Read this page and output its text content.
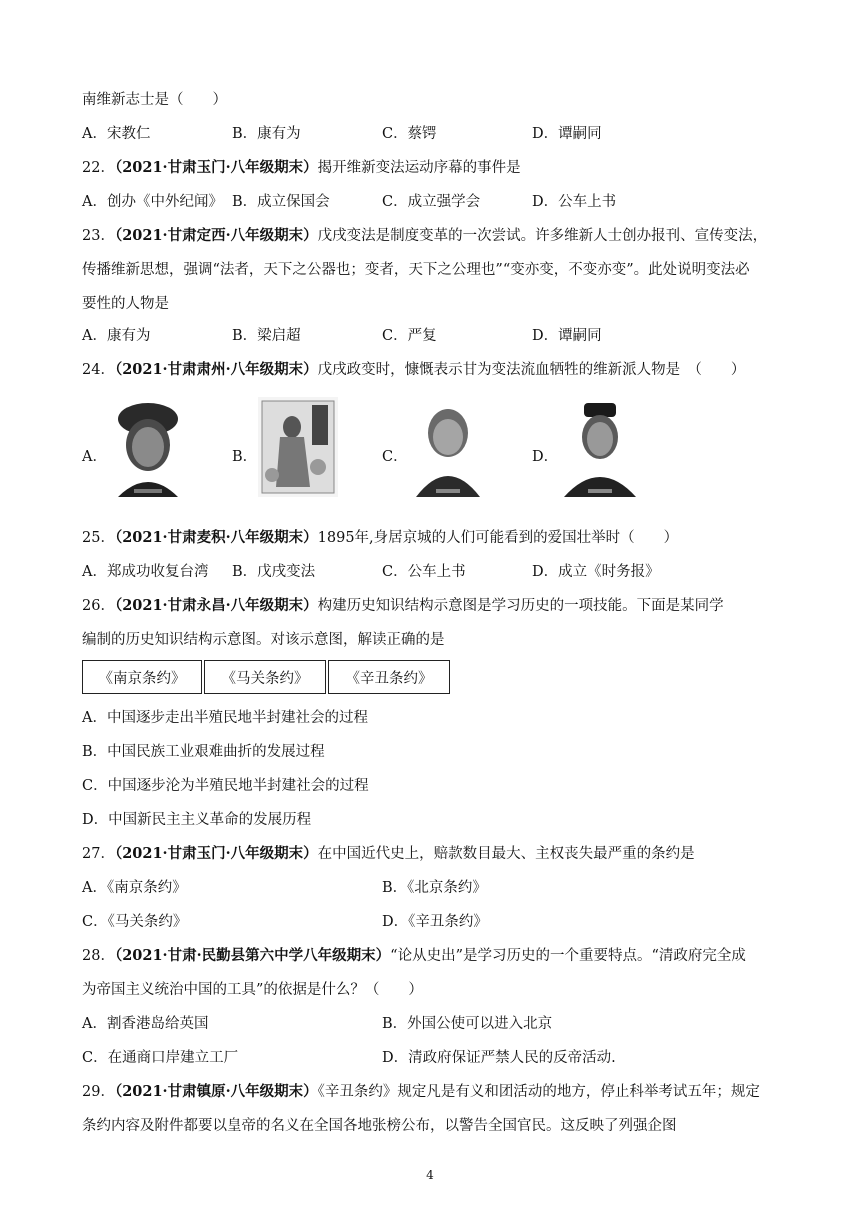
南维新志士是（　　）
A．宋教仁	B．康有为	C．蔡锷	D．谭嗣同
22．（2021·甘肃玉门·八年级期末）揭开维新变法运动序幕的事件是
A．创办《中外纪闻》 B．成立保国会	C．成立强学会	D．公车上书
23．（2021·甘肃定西·八年级期末）戊戌变法是制度变革的一次尝试。许多维新人士创办报刊、宣传变法，
传播维新思想，强调“法者，天下之公器也；变者，天下之公理也”“变亦变，不变亦变”。此处说明变法必
要性的人物是
A．康有为	B．梁启超	C．严复	D．谭嗣同
24．（2021·甘肃肃州·八年级期末）戊戌政变时，慷慨表示甘为变法流血牺牲的维新派人物是　（　　）
A．	B．	C．	D．
25．（2021·甘肃麦积·八年级期末）1895年,身居京城的人们可能看到的爱国壮举时（　　）
A．郑成功收复台湾 B．戊戌变法	C．公车上书	D．成立《时务报》
26．（2021·甘肃永昌·八年级期末）构建历史知识结构示意图是学习历史的一项技能。下面是某同学
编制的历史知识结构示意图。对该示意图，解读正确的是
《南京条约》	《马关条约》	《辛丑条约》
A．中国逐步走出半殖民地半封建社会的过程
B．中国民族工业艰难曲折的发展过程
C．中国逐步沦为半殖民地半封建社会的过程
D．中国新民主主义革命的发展历程
27．（2021·甘肃玉门·八年级期末）在中国近代史上，赔款数目最大、主权丧失最严重的条约是
A．《南京条约》	B．《北京条约》
C．《马关条约》	D．《辛丑条约》
28．（2021·甘肃·民勤县第六中学八年级期末）“论从史出”是学习历史的一个重要特点。“清政府完全成
为帝国主义统治中国的工具”的依据是什么？（　　）
A．割香港岛给英国	B．外国公使可以进入北京
C．在通商口岸建立工厂	D．清政府保证严禁人民的反帝活动.
29．（2021·甘肃镇原·八年级期末）《辛丑条约》规定凡是有义和团活动的地方，停止科举考试五年；规定
条约内容及附件都要以皇帝的名义在全国各地张榜公布，以警告全国官民。这反映了列强企图
4
